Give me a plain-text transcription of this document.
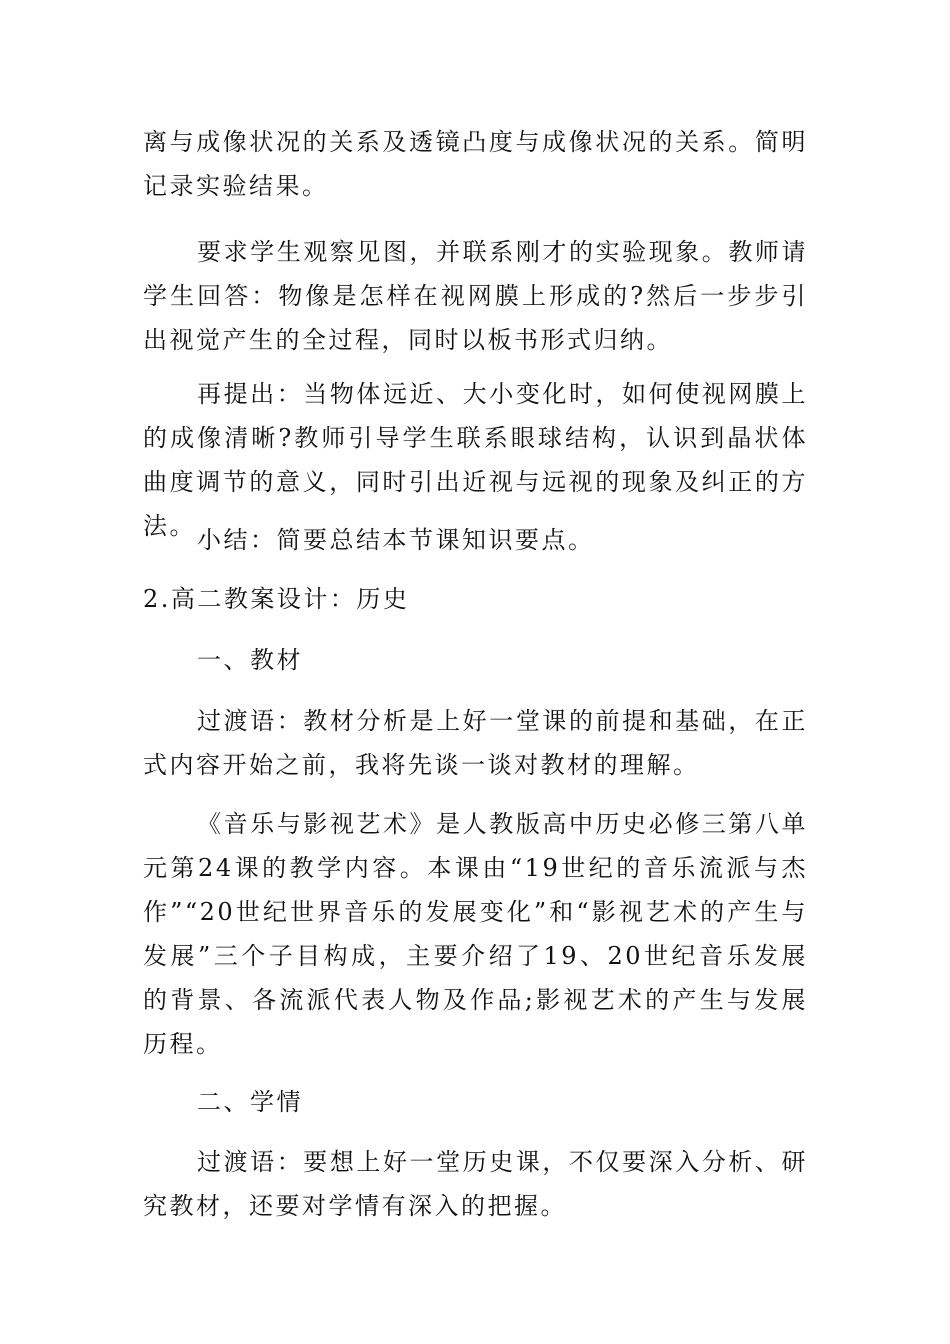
离与成像状况的关系及透镜凸度与成像状况的关系。简明记录实验结果。

要求学生观察见图，并联系刚才的实验现象。教师请学生回答：物像是怎样在视网膜上形成的?然后一步步引出视觉产生的全过程，同时以板书形式归纳。

再提出：当物体远近、大小变化时，如何使视网膜上的成像清晰?教师引导学生联系眼球结构，认识到晶状体曲度调节的意义，同时引出近视与远视的现象及纠正的方法。 小结：简要总结本节课知识要点。

2.高二教案设计：历史

一、教材

过渡语：教材分析是上好一堂课的前提和基础，在正式内容开始之前，我将先谈一谈对教材的理解。

《音乐与影视艺术》是人教版高中历史必修三第八单元第24课的教学内容。本课由“19世纪的音乐流派与杰作”“20世纪世界音乐的发展变化”和“影视艺术的产生与发展”三个子目构成，主要介绍了19、20世纪音乐发展的背景、各流派代表人物及作品;影视艺术的产生与发展历程。

二、学情

过渡语：要想上好一堂历史课，不仅要深入分析、研究教材，还要对学情有深入的把握。
